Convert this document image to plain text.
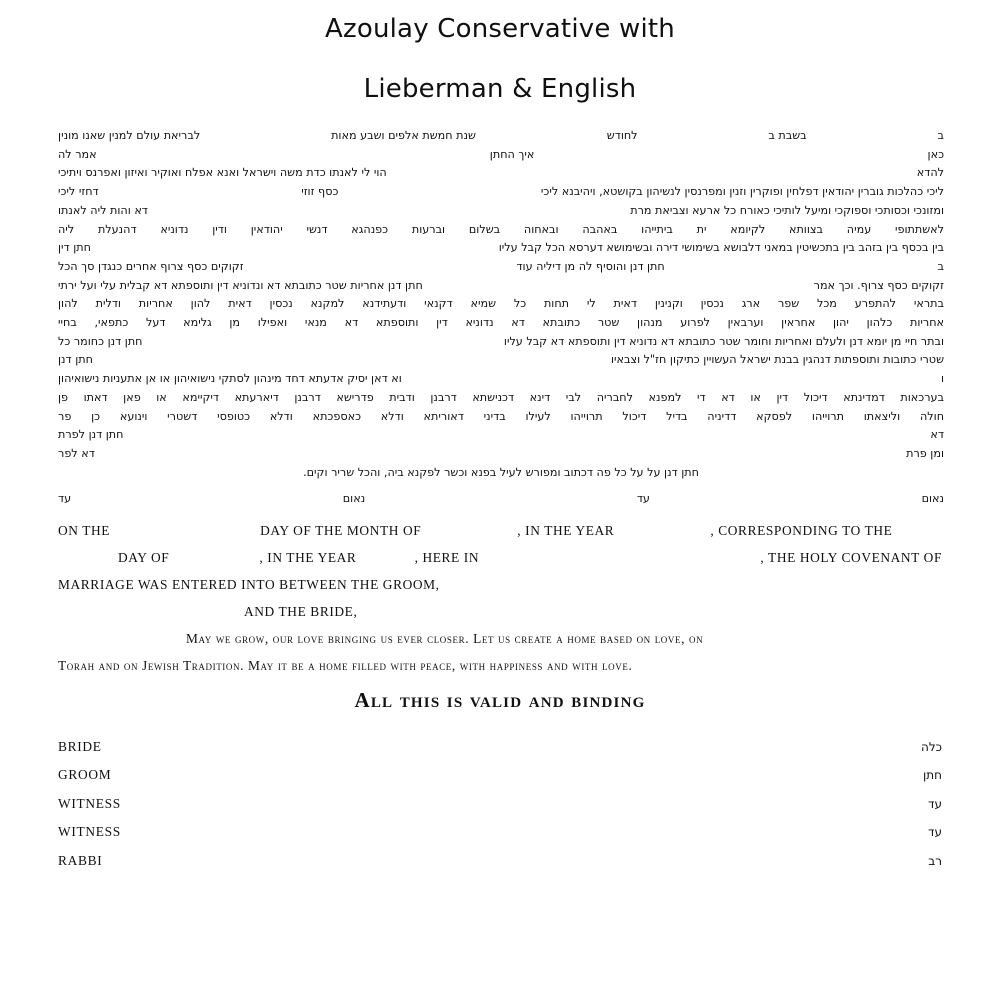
Azoulay Conservative with
Lieberman & English
ב
בשבת ב
לחודש
שנת חמשת אלפים ושבע מאות
לבריאת עולם למנין שאנו מונין
כאן
איך החתן
אמר לה
להדא
הוי לי לאנתו כדת משה וישראל ואנא אפלח ואוקיר ואיזון ואפרנס ויתיכי
ליכי כהלכות גוברין יהודאין דפלחין ופוקרין וזנין ומפרנסין לנשיהון בקושטא, ויהיבנא ליכי
כסף זוזי
דחזי ליכי
ומזונכי וכסותכי וספוקכי ומיעל לותיכי כאורח כל ארעא וצביאת מרת
דא והות ליה לאנתו
לאשתתופי עמיה בצוותא לקיומא ית ביתייהו באהבה ובאחוה בשלום וברעות כפנהגא דנשי יהודאין ודין נדוניא דהנעלת ליה
בין בכסף בין בזהב בין בתכשיטין במאני דלבושא בשימושי דירה ובשימושא דערסא הכל קבל עליו
חתן דין
ב
חתן דנן והוסיף לה מן דיליה עוד
זקוקים כסף צרוף אחרים כנגדן סך הכל
זקוקים כסף צרוף. וכך אמר
חתן דנן אחריות שטר כתובתא דא ונדוניא דין ותוספתא דא קבלית עלי ועל ירתי
בתראי להתפרע מכל שפר ארג נכסין וקנינין דאית לי תחות כל שמיא דקנאי ודעתידנא למקנא נכסין דאית להון אחריות ודלית להון
אחריות כלהון יהון אחראין וערבאין לפרוע מנהון שטר כתובתא דא נדוניא דין ותוספתא דא מנאי ואפילו מן גלימא דעל כתפאי, בחיי
ובתר חיי מן יומא דנן ולעלם ואחריות וחומר שטר כתובתא דא נדוניא דין ותוספתא דא קבל עליו
חתן דנן כחומר כל
שטרי כתובות ותוספתות דנהגין בבנת ישראל העשויין כתיקון חז"ל וצבאיו
חתן דנן
ו
וא דאן יסיק אדעתא דחד מינהון לסתקי נישואיהון או אן אתעניות נישואיהון
בערכאות דמדינתא דיכול דין או דא די למפנא לחבריה לבי דינא דכנישתא דרבנן ודבית פדרישא דרבנן דיארעתא דיקיימא או פאן דאתו פן
חולה וליצאתו תרוייהו לפסקא דדיניה בדיל דיכול תרוייהו לעילו בדיני דאוריתא ודלא כאספכתא ודלא כטופסי דשטרי וינועא כן פר
דא
חתן דנן לפרת
ומן פרת
דא לפר
חתן דנן על על כל פה דכתוב ומפורש לעיל בפנא וכשר לפקנא ביה, והכל שריר וקים.
נאום
עד
נאום
עד
ON THE	DAY OF THE MONTH OF	, IN THE YEAR	, CORRESPONDING TO THE
DAY OF	, IN THE YEAR	, HERE IN	, THE HOLY COVENANT OF
MARRIAGE WAS ENTERED INTO BETWEEN THE GROOM,
AND THE BRIDE,
May we grow, our love bringing us ever closer. Let us create a home based on love, on
Torah and on Jewish Tradition. May it be a home filled with peace, with happiness and with love.
All this is valid and binding
BRIDE	כלה
GROOM	חתן
WITNESS	עד
WITNESS	עד
RABBI	רב
